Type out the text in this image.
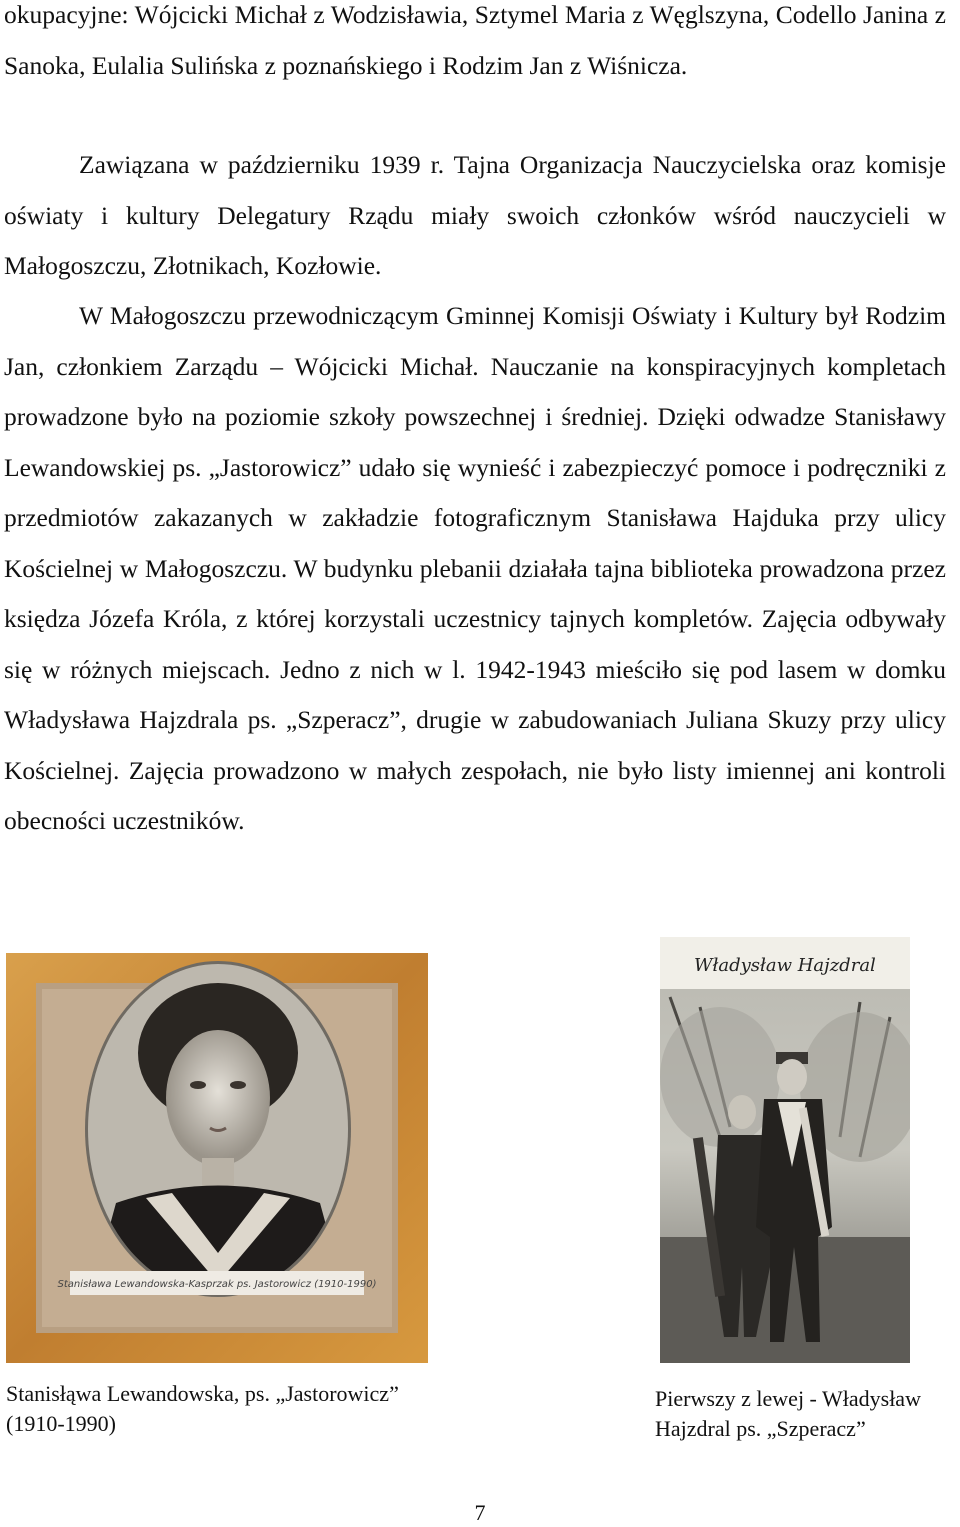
okupacyjne: Wójcicki Michał z Wodzisławia, Sztymel Maria z Węglszyna, Codello Janina z Sanoka, Eulalia Sulińska z poznańskiego i Rodzim Jan z Wiśnicza.

Zawiązana w październiku 1939 r. Tajna Organizacja Nauczycielska oraz komisje oświaty i kultury Delegatury Rządu miały swoich członków wśród nauczycieli w Małogoszczu, Złotnikach, Kozłowie.

W Małogoszczu przewodniczącym Gminnej Komisji Oświaty i Kultury był Rodzim Jan, członkiem Zarządu – Wójcicki Michał. Nauczanie na konspiracyjnych kompletach prowadzone było na poziomie szkoły powszechnej i średniej. Dzięki odwadze Stanisławy Lewandowskiej ps. „Jastorowicz” udało się wynieść i zabezpieczyć pomoce i podręczniki z przedmiotów zakazanych w zakładzie fotograficznym Stanisława Hajduka przy ulicy Kościelnej w Małogoszczu. W budynku plebanii działała tajna biblioteka prowadzona przez księdza Józefa Króla, z której korzystali uczestnicy tajnych kompletów. Zajęcia odbywały się w różnych miejscach. Jedno z nich w l. 1942-1943 mieściło się pod lasem w domku Władysława Hajzdrala ps. „Szperacz”, drugie w zabudowaniach Juliana Skuzy przy ulicy Kościelnej. Zajęcia prowadzono w małych zespołach, nie było listy imiennej ani kontroli obecności uczestników.

Stanisława Lewandowska-Kasprzak ps. Jastorowicz (1910-1990)
Władysław Hajzdral
Stanisłąwa Lewandowska, ps. „Jastorowicz”
(1910-1990)
Pierwszy z lewej - Władysław
Hajzdral ps. „Szperacz”
7
